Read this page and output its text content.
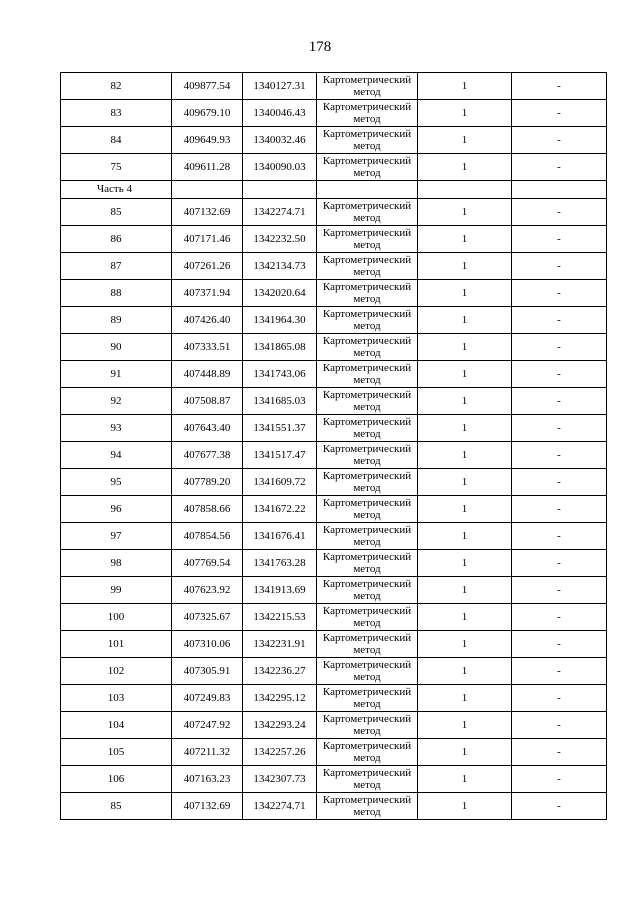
178
82	409877.54	1340127.31	Картометрический
метод	1	-
83	409679.10	1340046.43	Картометрический
метод	1	-
84	409649.93	1340032.46	Картометрический
метод	1	-
75	409611.28	1340090.03	Картометрический
метод	1	-
Часть 4					
85	407132.69	1342274.71	Картометрический
метод	1	-
86	407171.46	1342232.50	Картометрический
метод	1	-
87	407261.26	1342134.73	Картометрический
метод	1	-
88	407371.94	1342020.64	Картометрический
метод	1	-
89	407426.40	1341964.30	Картометрический
метод	1	-
90	407333.51	1341865.08	Картометрический
метод	1	-
91	407448.89	1341743.06	Картометрический
метод	1	-
92	407508.87	1341685.03	Картометрический
метод	1	-
93	407643.40	1341551.37	Картометрический
метод	1	-
94	407677.38	1341517.47	Картометрический
метод	1	-
95	407789.20	1341609.72	Картометрический
метод	1	-
96	407858.66	1341672.22	Картометрический
метод	1	-
97	407854.56	1341676.41	Картометрический
метод	1	-
98	407769.54	1341763.28	Картометрический
метод	1	-
99	407623.92	1341913.69	Картометрический
метод	1	-
100	407325.67	1342215.53	Картометрический
метод	1	-
101	407310.06	1342231.91	Картометрический
метод	1	-
102	407305.91	1342236.27	Картометрический
метод	1	-
103	407249.83	1342295.12	Картометрический
метод	1	-
104	407247.92	1342293.24	Картометрический
метод	1	-
105	407211.32	1342257.26	Картометрический
метод	1	-
106	407163.23	1342307.73	Картометрический
метод	1	-
85	407132.69	1342274.71	Картометрический
метод	1	-
